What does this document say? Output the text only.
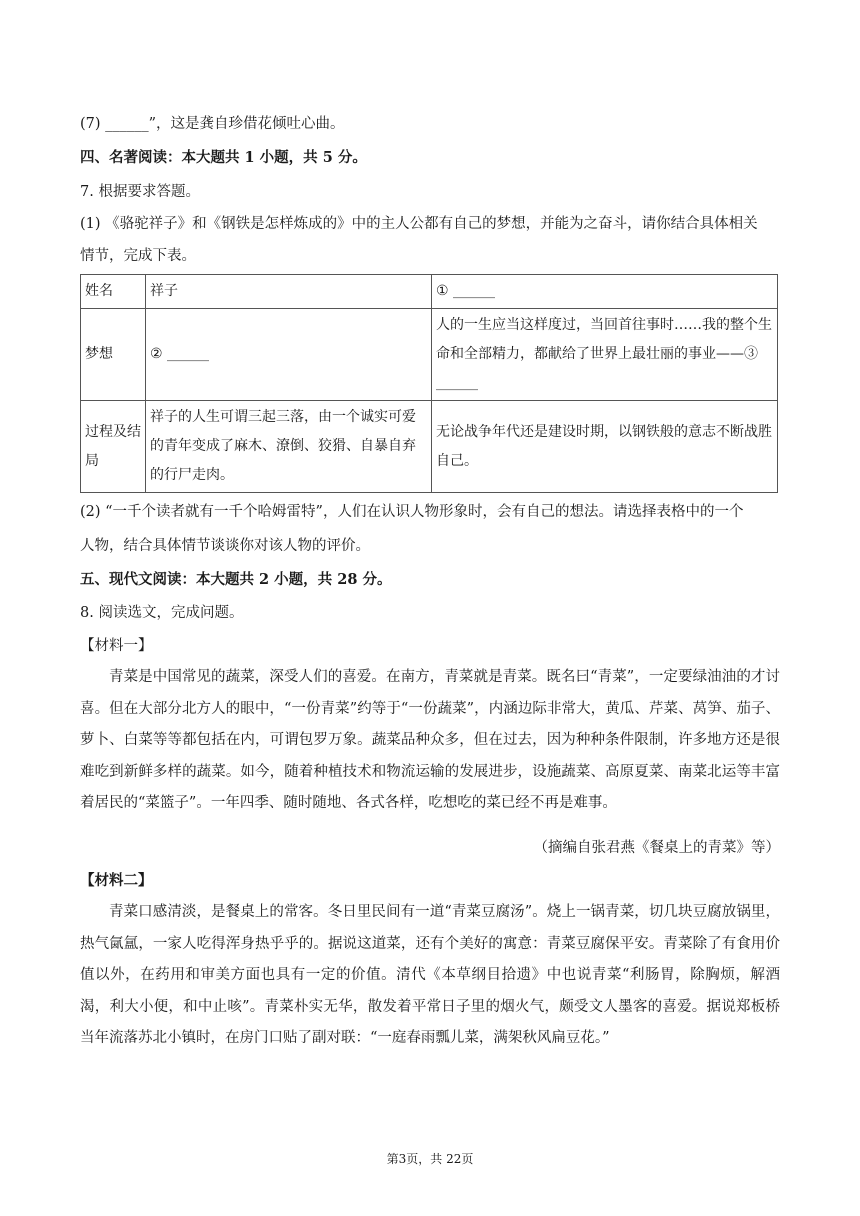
(7) ______”，这是龚自珍借花倾吐心曲。
四、名著阅读：本大题共 1 小题，共 5 分。
7. 根据要求答题。
(1) 《骆驼祥子》和《钢铁是怎样炼成的》中的主人公都有自己的梦想，并能为之奋斗，请你结合具体相关
情节，完成下表。
姓名	祥子	① ______
梦想	② ______	人的一生应当这样度过，当回首往事时……我的整个生命和全部精力，都献给了世界上最壮丽的事业——③ ______
过程及结局	祥子的人生可谓三起三落，由一个诚实可爱的青年变成了麻木、潦倒、狡猾、自暴自弃的行尸走肉。	无论战争年代还是建设时期，以钢铁般的意志不断战胜自己。
(2) “一千个读者就有一千个哈姆雷特”，人们在认识人物形象时，会有自己的想法。请选择表格中的一个
人物，结合具体情节谈谈你对该人物的评价。
五、现代文阅读：本大题共 2 小题，共 28 分。
8. 阅读选文，完成问题。
【材料一】
青菜是中国常见的蔬菜，深受人们的喜爱。在南方，青菜就是青菜。既名曰“青菜”，一定要绿油油的才讨喜。但在大部分北方人的眼中，“一份青菜”约等于“一份蔬菜”，内涵边际非常大，黄瓜、芹菜、莴笋、茄子、萝卜、白菜等等都包括在内，可谓包罗万象。蔬菜品种众多，但在过去，因为种种条件限制，许多地方还是很难吃到新鲜多样的蔬菜。如今，随着种植技术和物流运输的发展进步，设施蔬菜、高原夏菜、南菜北运等丰富着居民的“菜篮子”。一年四季、随时随地、各式各样，吃想吃的菜已经不再是难事。
（摘编自张君燕《餐桌上的青菜》等）
【材料二】
青菜口感清淡，是餐桌上的常客。冬日里民间有一道“青菜豆腐汤”。烧上一锅青菜，切几块豆腐放锅里，热气氤氲，一家人吃得浑身热乎乎的。据说这道菜，还有个美好的寓意：青菜豆腐保平安。青菜除了有食用价值以外，在药用和审美方面也具有一定的价值。清代《本草纲目拾遗》中也说青菜“利肠胃，除胸烦，解酒渴，利大小便，和中止咳”。青菜朴实无华，散发着平常日子里的烟火气，颇受文人墨客的喜爱。据说郑板桥当年流落苏北小镇时，在房门口贴了副对联：“一庭春雨瓢儿菜，满架秋风扁豆花。”
第3页，共 22页
